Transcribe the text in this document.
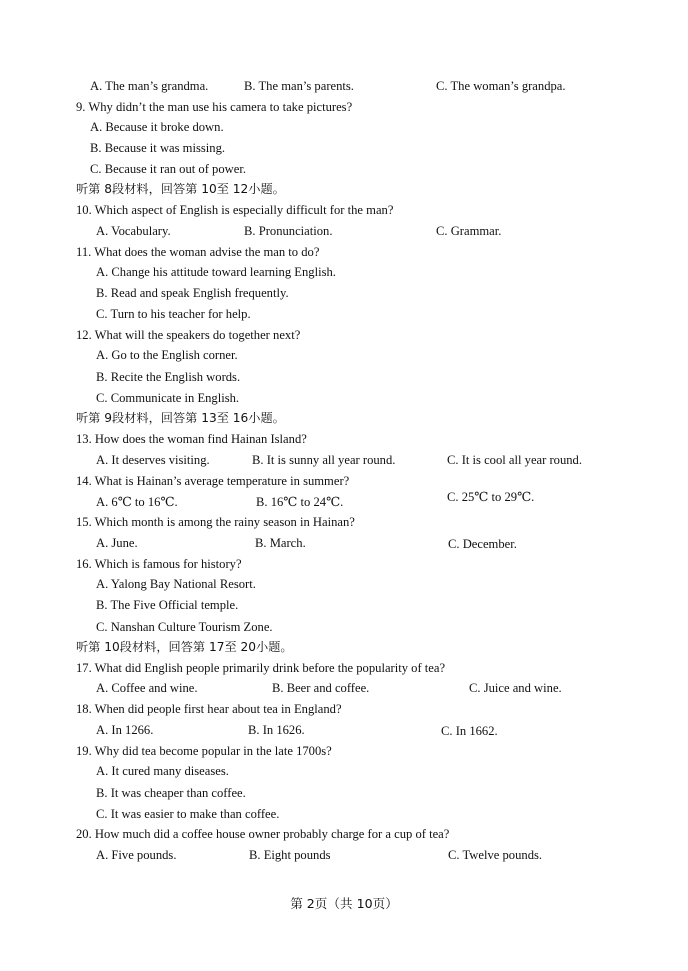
A. The man’s grandma.	B. The man’s parents.	C. The woman’s grandpa.
9. Why didn’t the man use his camera to take pictures?
A. Because it broke down.
B. Because it was missing.
C. Because it ran out of power.
听第 8段材料，回答第 10至 12小题。
10. Which aspect of English is especially difficult for the man?
A. Vocabulary.	B. Pronunciation.	C. Grammar.
11. What does the woman advise the man to do?
A. Change his attitude toward learning English.
B. Read and speak English frequently.
C. Turn to his teacher for help.
12. What will the speakers do together next?
A. Go to the English corner.
B. Recite the English words.
C. Communicate in English.
听第 9段材料，回答第 13至 16小题。
13. How does the woman find Hainan Island?
A. It deserves visiting.	B. It is sunny all year round.	C. It is cool all year round.
14. What is Hainan’s average temperature in summer?
A. 6℃ to 16℃.	B. 16℃ to 24℃.	C. 25℃ to 29℃.
15. Which month is among the rainy season in Hainan?
A. June.	B. March.	C. December.
16. Which is famous for history?
A. Yalong Bay National Resort.
B. The Five Official temple.
C. Nanshan Culture Tourism Zone.
听第 10段材料，回答第 17至 20小题。
17. What did English people primarily drink before the popularity of tea?
A. Coffee and wine.	B. Beer and coffee.	C. Juice and wine.
18. When did people first hear about tea in England?
A. In 1266.	B. In 1626.	C. In 1662.
19. Why did tea become popular in the late 1700s?
A. It cured many diseases.
B. It was cheaper than coffee.
C. It was easier to make than coffee.
20. How much did a coffee house owner probably charge for a cup of tea?
A. Five pounds.	B. Eight pounds	C. Twelve pounds.
第 2页（共 10页）
